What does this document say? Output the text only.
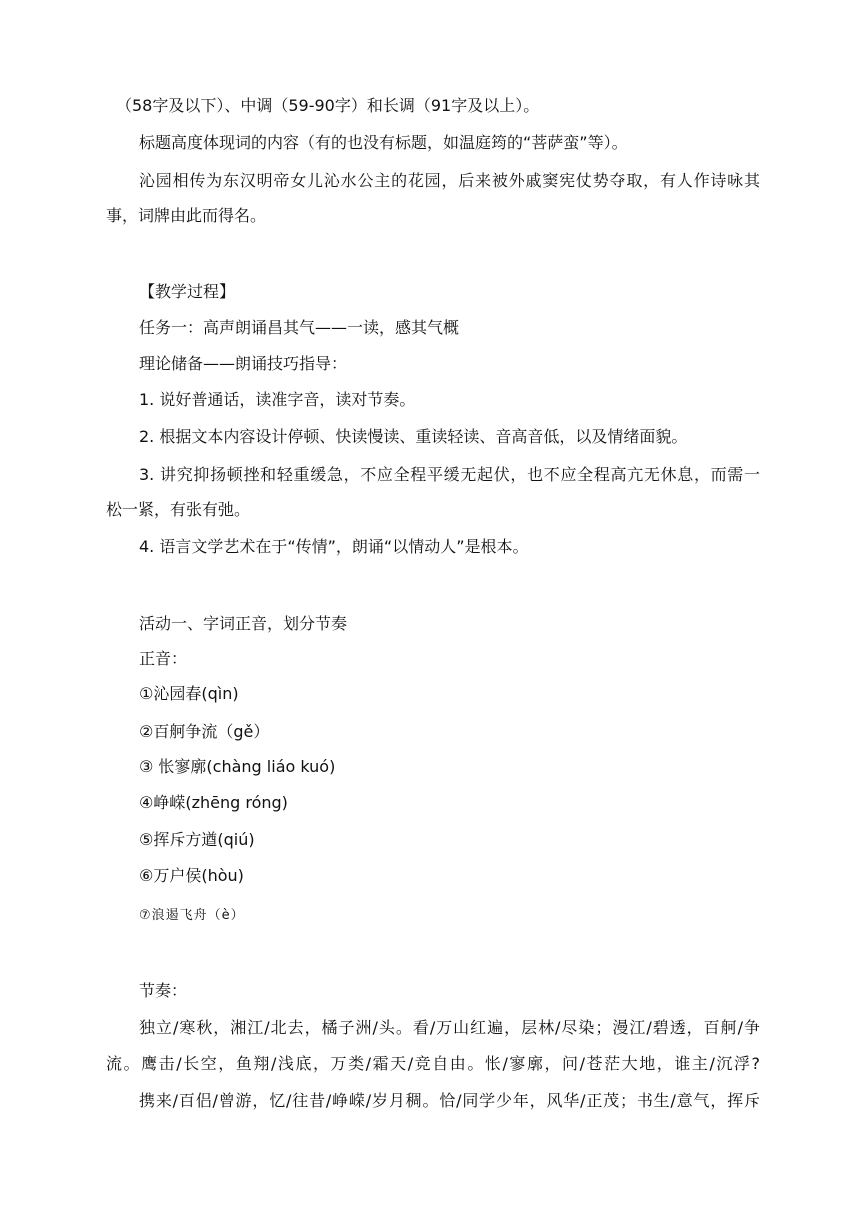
（58字及以下）、中调（59-90字）和长调（91字及以上）。
标题高度体现词的内容（有的也没有标题，如温庭筠的“菩萨蛮”等）。
沁园相传为东汉明帝女儿沁水公主的花园，后来被外戚窦宪仗势夺取，有人作诗咏其
事，词牌由此而得名。
【教学过程】
任务一：高声朗诵昌其气——一读，感其气概
理论储备——朗诵技巧指导：
1. 说好普通话，读准字音，读对节奏。
2. 根据文本内容设计停顿、快读慢读、重读轻读、音高音低，以及情绪面貌。
3. 讲究抑扬顿挫和轻重缓急，不应全程平缓无起伏，也不应全程高亢无休息，而需一
松一紧，有张有弛。
4. 语言文学艺术在于“传情”，朗诵“以情动人”是根本。
活动一、字词正音，划分节奏
正音：
①沁园春(qìn)
②百舸争流（gě）
③ 怅寥廓(chàng liáo kuó)
④峥嵘(zhēng róng)
⑤挥斥方遒(qiú)
⑥万户侯(hòu)
⑦浪遏飞舟（è）
节奏：
独立/寒秋，湘江/北去，橘子洲/头。看/万山红遍，层林/尽染；漫江/碧透，百舸/争
流。鹰击/长空，鱼翔/浅底，万类/霜天/竞自由。怅/寥廓，问/苍茫大地，谁主/沉浮?
携来/百侣/曾游，忆/往昔/峥嵘/岁月稠。恰/同学少年，风华/正茂；书生/意气，挥斥
